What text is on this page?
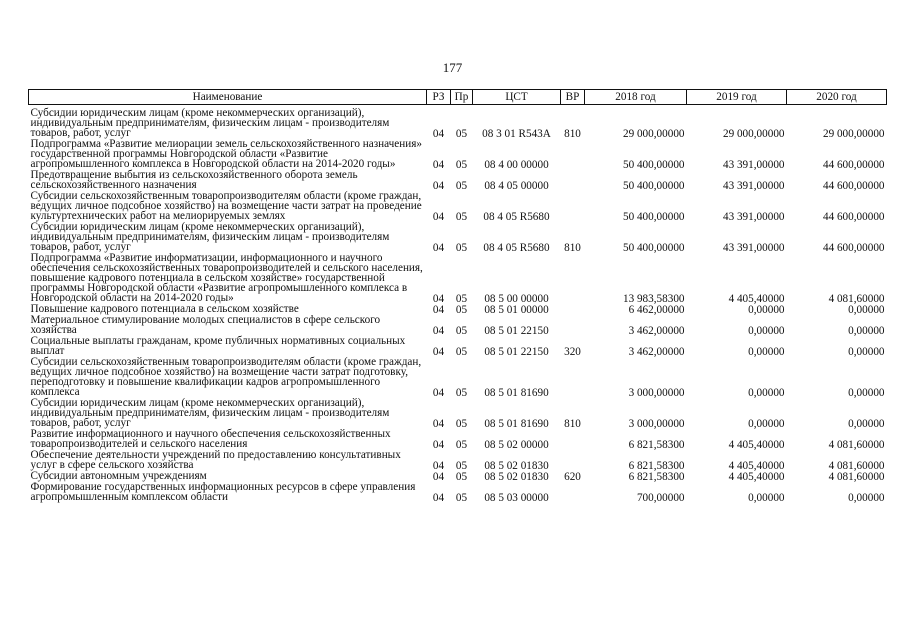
177
Наименование	РЗ	Пр	ЦСТ	ВР	2018 год	2019 год	2020 год
Субсидии юридическим лицам (кроме некоммерческих организаций), индивидуальным предпринимателям, физическим лицам - производителям товаров, работ, услуг	04	05	08 3 01 R543A	810	29 000,00000	29 000,00000	29 000,00000
Подпрограмма «Развитие мелиорации земель сельскохозяйственного назначения» государственной программы Новгородской области «Развитие агропромышленного комплекса в Новгородской области на 2014-2020 годы»	04	05	08 4 00 00000		50 400,00000	43 391,00000	44 600,00000
Предотвращение выбытия из сельскохозяйственного оборота земель сельскохозяйственного назначения	04	05	08 4 05 00000		50 400,00000	43 391,00000	44 600,00000
Субсидии сельскохозяйственным товаропроизводителям области (кроме граждан, ведущих личное подсобное хозяйство) на возмещение части затрат на проведение культуртехнических работ на мелиорируемых землях	04	05	08 4 05 R5680		50 400,00000	43 391,00000	44 600,00000
Субсидии юридическим лицам (кроме некоммерческих организаций), индивидуальным предпринимателям, физическим лицам - производителям товаров, работ, услуг	04	05	08 4 05 R5680	810	50 400,00000	43 391,00000	44 600,00000
Подпрограмма «Развитие информатизации, информационного и научного обеспечения сельскохозяйственных товаропроизводителей и сельского населения, повышение кадрового потенциала в сельском хозяйстве» государственной программы Новгородской области «Развитие агропромышленного комплекса в Новгородской области на 2014-2020 годы»	04	05	08 5 00 00000		13 983,58300	4 405,40000	4 081,60000
Повышение кадрового потенциала в сельском хозяйстве	04	05	08 5 01 00000		6 462,00000	0,00000	0,00000
Материальное стимулирование молодых специалистов в сфере сельского хозяйства	04	05	08 5 01 22150		3 462,00000	0,00000	0,00000
Социальные выплаты гражданам, кроме публичных нормативных социальных выплат	04	05	08 5 01 22150	320	3 462,00000	0,00000	0,00000
Субсидии сельскохозяйственным товаропроизводителям области (кроме граждан, ведущих личное подсобное хозяйство) на возмещение части затрат подготовку, переподготовку и повышение квалификации кадров агропромышленного комплекса	04	05	08 5 01 81690		3 000,00000	0,00000	0,00000
Субсидии юридическим лицам (кроме некоммерческих организаций), индивидуальным предпринимателям, физическим лицам - производителям товаров, работ, услуг	04	05	08 5 01 81690	810	3 000,00000	0,00000	0,00000
Развитие информационного и научного обеспечения сельскохозяйственных товаропроизводителей и сельского населения	04	05	08 5 02 00000		6 821,58300	4 405,40000	4 081,60000
Обеспечение деятельности учреждений по предоставлению консультативных услуг в сфере сельского хозяйства	04	05	08 5 02 01830		6 821,58300	4 405,40000	4 081,60000
Субсидии автономным учреждениям	04	05	08 5 02 01830	620	6 821,58300	4 405,40000	4 081,60000
Формирование государственных информационных ресурсов в сфере управления агропромышленным комплексом области	04	05	08 5 03 00000		700,00000	0,00000	0,00000
